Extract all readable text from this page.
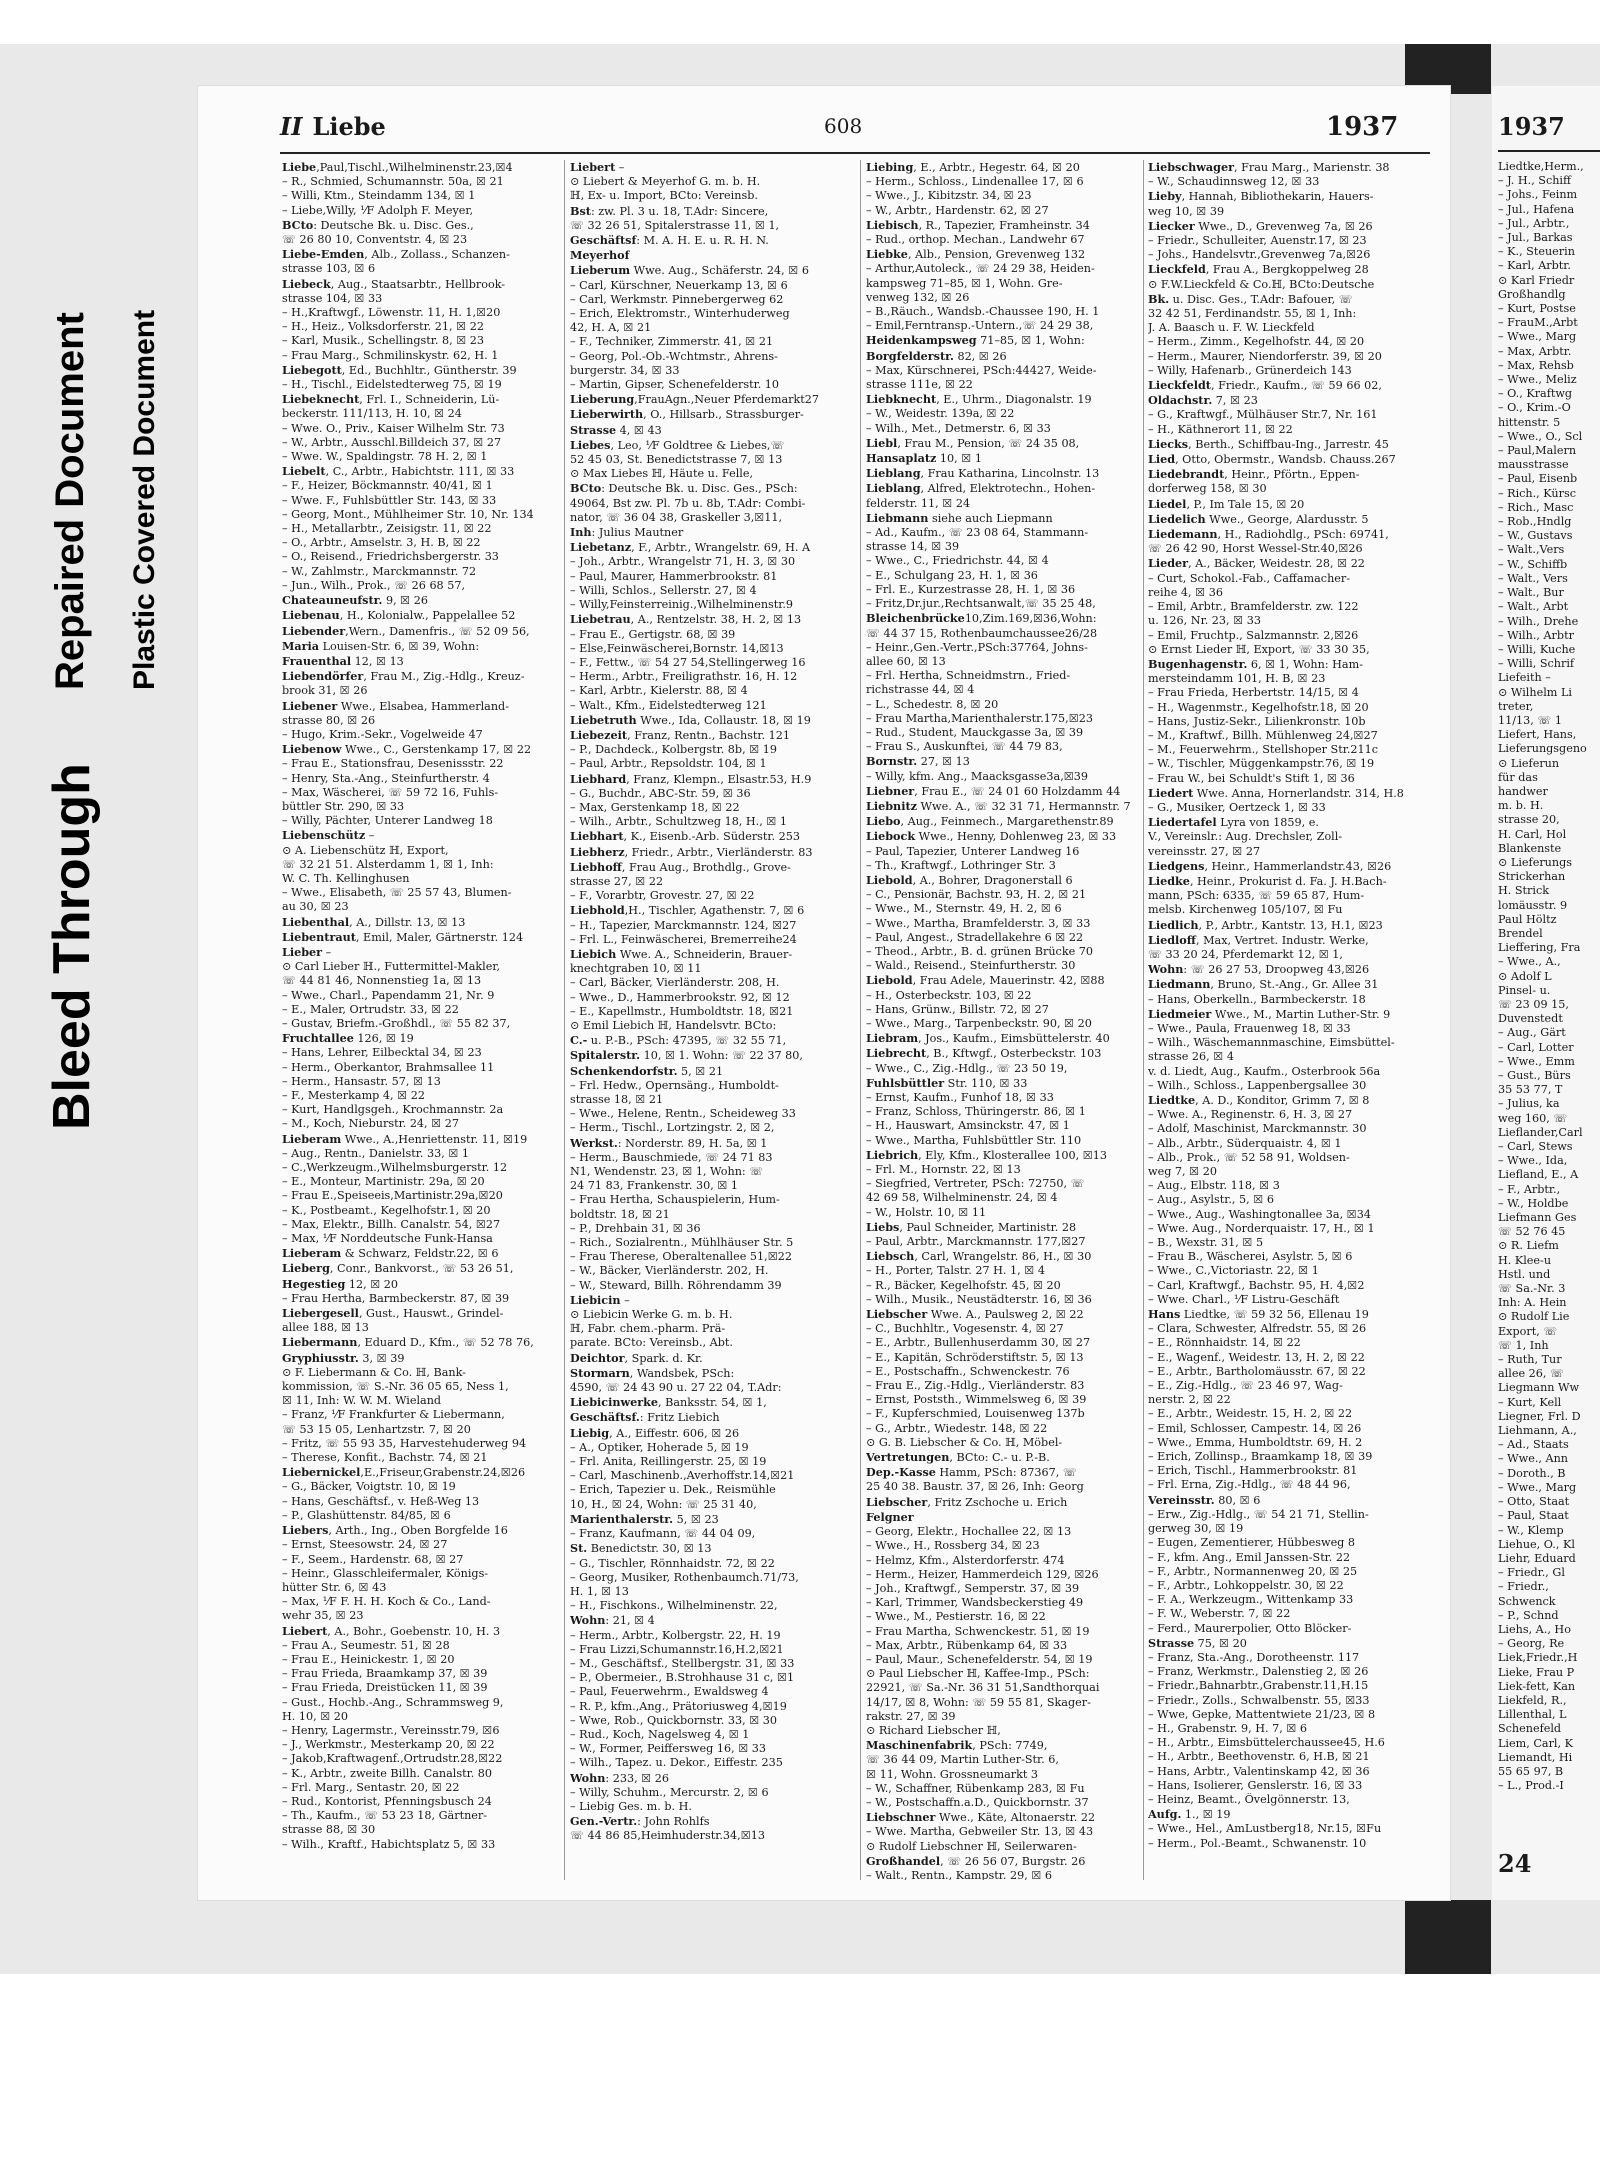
Bleed Through
Repaired Document Plastic Covered Document
II Liebe	608	1937
Liebe,Paul,Tischl.,Wilhelminenstr.23,☒4
– R., Schmied, Schumannstr. 50a, ☒ 21
– Willi, Ktm., Steindamm 134, ☒ 1
– Liebe,Willy, ⅟F Adolph F. Meyer,
BCto: Deutsche Bk. u. Disc. Ges.,
☏ 26 80 10, Conventstr. 4, ☒ 23
Liebe-Emden, Alb., Zollass., Schanzen-
strasse 103, ☒ 6
Liebeck, Aug., Staatsarbtr., Hellbrook-
strasse 104, ☒ 33
– H.,Kraftwgf., Löwenstr. 11, H. 1,☒20
– H., Heiz., Volksdorferstr. 21, ☒ 22
– Karl, Musik., Schellingstr. 8, ☒ 23
– Frau Marg., Schmilinskystr. 62, H. 1
Liebegott, Ed., Buchhltr., Güntherstr. 39
– H., Tischl., Eidelstedterweg 75, ☒ 19
Liebeknecht, Frl. I., Schneiderin, Lü-
beckerstr. 111/113, H. 10, ☒ 24
– Wwe. O., Priv., Kaiser Wilhelm Str. 73
– W., Arbtr., Ausschl.Billdeich 37, ☒ 27
– Wwe. W., Spaldingstr. 78 H. 2, ☒ 1
Liebelt, C., Arbtr., Habichtstr. 111, ☒ 33
– F., Heizer, Böckmannstr. 40/41, ☒ 1
– Wwe. F., Fuhlsbüttler Str. 143, ☒ 33
– Georg, Mont., Mühlheimer Str. 10, Nr. 134
– H., Metallarbtr., Zeisigstr. 11, ☒ 22
– O., Arbtr., Amselstr. 3, H. B, ☒ 22
– O., Reisend., Friedrichsbergerstr. 33
– W., Zahlmstr., Marckmannstr. 72
– Jun., Wilh., Prok., ☏ 26 68 57,
Chateauneufstr. 9, ☒ 26
Liebenau, H., Kolonialw., Pappelallee 52
Liebender,Wern., Damenfris., ☏ 52 09 56,
Maria Louisen-Str. 6, ☒ 39, Wohn:
Frauenthal 12, ☒ 13
Liebendörfer, Frau M., Zig.-Hdlg., Kreuz-
brook 31, ☒ 26
Liebener Wwe., Elsabea, Hammerland-
strasse 80, ☒ 26
– Hugo, Krim.-Sekr., Vogelweide 47
Liebenow Wwe., C., Gerstenkamp 17, ☒ 22
– Frau E., Stationsfrau, Desenissstr. 22
– Henry, Sta.-Ang., Steinfurtherstr. 4
– Max, Wäscherei, ☏ 59 72 16, Fuhls-
büttler Str. 290, ☒ 33
– Willy, Pächter, Unterer Landweg 18
Liebenschütz –
⊙ A. Liebenschütz ℍ, Export,
☏ 32 21 51. Alsterdamm 1, ☒ 1, Inh:
W. C. Th. Kellinghusen
– Wwe., Elisabeth, ☏ 25 57 43, Blumen-
au 30, ☒ 23
Liebenthal, A., Dillstr. 13, ☒ 13
Liebentraut, Emil, Maler, Gärtnerstr. 124
Lieber –
⊙ Carl Lieber ℍ., Futtermittel-Makler,
☏ 44 81 46, Nonnenstieg 1a, ☒ 13
– Wwe., Charl., Papendamm 21, Nr. 9
– E., Maler, Ortrudstr. 33, ☒ 22
– Gustav, Briefm.-Großhdl., ☏ 55 82 37,
Fruchtallee 126, ☒ 19
– Hans, Lehrer, Eilbecktal 34, ☒ 23
– Herm., Oberkantor, Brahmsallee 11
– Herm., Hansastr. 57, ☒ 13
– F., Mesterkamp 4, ☒ 22
– Kurt, Handlgsgeh., Krochmannstr. 2a
– M., Koch, Nieburstr. 24, ☒ 27
Lieberam Wwe., A.,Henriettenstr. 11, ☒19
– Aug., Rentn., Danielstr. 33, ☒ 1
– C.,Werkzeugm.,Wilhelmsburgerstr. 12
– E., Monteur, Martinistr. 29a, ☒ 20
– Frau E.,Speiseeis,Martinistr.29a,☒20
– K., Postbeamt., Kegelhofstr.1, ☒ 20
– Max, Elektr., Billh. Canalstr. 54, ☒27
– Max, ⅟F Norddeutsche Funk-Hansa
Lieberam & Schwarz, Feldstr.22, ☒ 6
Lieberg, Conr., Bankvorst., ☏ 53 26 51,
Hegestieg 12, ☒ 20
– Frau Hertha, Barmbeckerstr. 87, ☒ 39
Liebergesell, Gust., Hauswt., Grindel-
allee 188, ☒ 13
Liebermann, Eduard D., Kfm., ☏ 52 78 76,
Gryphiusstr. 3, ☒ 39
⊙ F. Liebermann & Co. ℍ, Bank-
kommission, ☏ S.-Nr. 36 05 65, Ness 1,
☒ 11, Inh: W. W. M. Wieland
– Franz, ⅟F Frankfurter & Liebermann,
☏ 53 15 05, Lenhartzstr. 7, ☒ 20
– Fritz, ☏ 55 93 35, Harvestehuderweg 94
– Therese, Konfit., Bachstr. 74, ☒ 21
Liebernickel,E.,Friseur,Grabenstr.24,☒26
– G., Bäcker, Voigtstr. 10, ☒ 19
– Hans, Geschäftsf., v. Heß-Weg 13
– P., Glashüttenstr. 84/85, ☒ 6
Liebers, Arth., Ing., Oben Borgfelde 16
– Ernst, Steesowstr. 24, ☒ 27
– F., Seem., Hardenstr. 68, ☒ 27
– Heinr., Glasschleifermaler, Königs-
hütter Str. 6, ☒ 43
– Max, ⅟F F. H. H. Koch & Co., Land-
wehr 35, ☒ 23
Liebert, A., Bohr., Goebenstr. 10, H. 3
– Frau A., Seumestr. 51, ☒ 28
– Frau E., Heinickestr. 1, ☒ 20
– Frau Frieda, Braamkamp 37, ☒ 39
– Frau Frieda, Dreistücken 11, ☒ 39
– Gust., Hochb.-Ang., Schrammsweg 9,
H. 10, ☒ 20
– Henry, Lagermstr., Vereinsstr.79, ☒6
– J., Werkmstr., Mesterkamp 20, ☒ 22
– Jakob,Kraftwagenf.,Ortrudstr.28,☒22
– K., Arbtr., zweite Billh. Canalstr. 80
– Frl. Marg., Sentastr. 20, ☒ 22
– Rud., Kontorist, Pfenningsbusch 24
– Th., Kaufm., ☏ 53 23 18, Gärtner-
strasse 88, ☒ 30
– Wilh., Kraftf., Habichtsplatz 5, ☒ 33
Liebert –
⊙ Liebert & Meyerhof G. m. b. H.
ℍ, Ex- u. Import, BCto: Vereinsb.
Bst: zw. Pl. 3 u. 18, T.Adr: Sincere,
☏ 32 26 51, Spitalerstrasse 11, ☒ 1,
Geschäftsf: M. A. H. E. u. R. H. N.
Meyerhof
Lieberum Wwe. Aug., Schäferstr. 24, ☒ 6
– Carl, Kürschner, Neuerkamp 13, ☒ 6
– Carl, Werkmstr. Pinnebergerweg 62
– Erich, Elektromstr., Winterhuderweg
42, H. A, ☒ 21
– F., Techniker, Zimmerstr. 41, ☒ 21
– Georg, Pol.-Ob.-Wchtmstr., Ahrens-
burgerstr. 34, ☒ 33
– Martin, Gipser, Schenefelderstr. 10
Lieberung,FrauAgn.,Neuer Pferdemarkt27
Lieberwirth, O., Hillsarb., Strassburger-
Strasse 4, ☒ 43
Liebes, Leo, ⅟F Goldtree & Liebes,☏
52 45 03, St. Benedictstrasse 7, ☒ 13
⊙ Max Liebes ℍ, Häute u. Felle,
BCto: Deutsche Bk. u. Disc. Ges., PSch:
49064, Bst zw. Pl. 7b u. 8b, T.Adr: Combi-
nator, ☏ 36 04 38, Graskeller 3,☒11,
Inh: Julius Mautner
Liebetanz, F., Arbtr., Wrangelstr. 69, H. A
– Joh., Arbtr., Wrangelstr 71, H. 3, ☒ 30
– Paul, Maurer, Hammerbrookstr. 81
– Willi, Schlos., Sellerstr. 27, ☒ 4
– Willy,Feinsterreinig.,Wilhelminenstr.9
Liebetrau, A., Rentzelstr. 38, H. 2, ☒ 13
– Frau E., Gertigstr. 68, ☒ 39
– Else,Feinwäscherei,Bornstr. 14,☒13
– F., Fettw., ☏ 54 27 54,Stellingerweg 16
– Herm., Arbtr., Freiligrathstr. 16, H. 12
– Karl, Arbtr., Kielerstr. 88, ☒ 4
– Walt., Kfm., Eidelstedterweg 121
Liebetruth Wwe., Ida, Collaustr. 18, ☒ 19
Liebezeit, Franz, Rentn., Bachstr. 121
– P., Dachdeck., Kolbergstr. 8b, ☒ 19
– Paul, Arbtr., Repsoldstr. 104, ☒ 1
Liebhard, Franz, Klempn., Elsastr.53, H.9
– G., Buchdr., ABC-Str. 59, ☒ 36
– Max, Gerstenkamp 18, ☒ 22
– Wilh., Arbtr., Schultzweg 18, H., ☒ 1
Liebhart, K., Eisenb.-Arb. Süderstr. 253
Liebherz, Friedr., Arbtr., Vierländerstr. 83
Liebhoff, Frau Aug., Brothdlg., Grove-
strasse 27, ☒ 22
– F., Vorarbtr, Grovestr. 27, ☒ 22
Liebhold,H., Tischler, Agathenstr. 7, ☒ 6
– H., Tapezier, Marckmannstr. 124, ☒27
– Frl. L., Feinwäscherei, Bremerreihe24
Liebich Wwe. A., Schneiderin, Brauer-
knechtgraben 10, ☒ 11
– Carl, Bäcker, Vierländerstr. 208, H.
– Wwe., D., Hammerbrookstr. 92, ☒ 12
– E., Kapellmstr., Humboldtstr. 18, ☒21
⊙ Emil Liebich ℍ, Handelsvtr. BCto:
C.- u. P.-B., PSch: 47395, ☏ 32 55 71,
Spitalerstr. 10, ☒ 1. Wohn: ☏ 22 37 80,
Schenkendorfstr. 5, ☒ 21
– Frl. Hedw., Opernsäng., Humboldt-
strasse 18, ☒ 21
– Wwe., Helene, Rentn., Scheideweg 33
– Herm., Tischl., Lortzingstr. 2, ☒ 2,
Werkst.: Norderstr. 89, H. 5a, ☒ 1
– Herm., Bauschmiede, ☏ 24 71 83
N1, Wendenstr. 23, ☒ 1, Wohn: ☏
24 71 83, Frankenstr. 30, ☒ 1
– Frau Hertha, Schauspielerin, Hum-
boldtstr. 18, ☒ 21
– P., Drehbain 31, ☒ 36
– Rich., Sozialrentn., Mühlhäuser Str. 5
– Frau Therese, Oberaltenallee 51,☒22
– W., Bäcker, Vierländerstr. 202, H.
– W., Steward, Billh. Röhrendamm 39
Liebicin –
⊙ Liebicin Werke G. m. b. H.
ℍ, Fabr. chem.-pharm. Prä-
parate. BCto: Vereinsb., Abt.
Deichtor, Spark. d. Kr.
Stormarn, Wandsbek, PSch:
4590, ☏ 24 43 90 u. 27 22 04, T.Adr:
Liebicinwerke, Banksstr. 54, ☒ 1,
Geschäftsf.: Fritz Liebich
Liebig, A., Eiffestr. 606, ☒ 26
– A., Optiker, Hoherade 5, ☒ 19
– Frl. Anita, Reillingerstr. 25, ☒ 19
– Carl, Maschinenb.,Averhoffstr.14,☒21
– Erich, Tapezier u. Dek., Reismühle
10, H., ☒ 24, Wohn: ☏ 25 31 40,
Marienthalerstr. 5, ☒ 23
– Franz, Kaufmann, ☏ 44 04 09,
St. Benedictstr. 30, ☒ 13
– G., Tischler, Rönnhaidstr. 72, ☒ 22
– Georg, Musiker, Rothenbaumch.71/73,
H. 1, ☒ 13
– H., Fischkons., Wilhelminenstr. 22,
Wohn: 21, ☒ 4
– Herm., Arbtr., Kolbergstr. 22, H. 19
– Frau Lizzi,Schumannstr.16,H.2,☒21
– M., Geschäftsf., Stellbergstr. 31, ☒ 33
– P., Obermeier., B.Strohhause 31 c, ☒1
– Paul, Feuerwehrm., Ewaldsweg 4
– R. P., kfm.,Ang., Prätoriusweg 4,☒19
– Wwe, Rob., Quickbornstr. 33, ☒ 30
– Rud., Koch, Nagelsweg 4, ☒ 1
– W., Former, Peiffersweg 16, ☒ 33
– Wilh., Tapez. u. Dekor., Eiffestr. 235
Wohn: 233, ☒ 26
– Willy, Schuhm., Mercurstr. 2, ☒ 6
– Liebig Ges. m. b. H.
Gen.-Vertr.: John Rohlfs
☏ 44 86 85,Heimhuderstr.34,☒13
Liebing, E., Arbtr., Hegestr. 64, ☒ 20
– Herm., Schloss., Lindenallee 17, ☒ 6
– Wwe., J., Kibitzstr. 34, ☒ 23
– W., Arbtr., Hardenstr. 62, ☒ 27
Liebisch, R., Tapezier, Framheinstr. 34
– Rud., orthop. Mechan., Landwehr 67
Liebke, Alb., Pension, Grevenweg 132
– Arthur,Autoleck., ☏ 24 29 38, Heiden-
kampsweg 71–85, ☒ 1, Wohn. Gre-
venweg 132, ☒ 26
– B.,Räuch., Wandsb.-Chaussee 190, H. 1
– Emil,Ferntransp.-Untern.,☏ 24 29 38,
Heidenkampsweg 71–85, ☒ 1, Wohn:
Borgfelderstr. 82, ☒ 26
– Max, Kürschnerei, PSch:44427, Weide-
strasse 111e, ☒ 22
Liebknecht, E., Uhrm., Diagonalstr. 19
– W., Weidestr. 139a, ☒ 22
– Wilh., Met., Detmerstr. 6, ☒ 33
Liebl, Frau M., Pension, ☏ 24 35 08,
Hansaplatz 10, ☒ 1
Lieblang, Frau Katharina, Lincolnstr. 13
Lieblang, Alfred, Elektrotechn., Hohen-
felderstr. 11, ☒ 24
Liebmann siehe auch Liepmann
– Ad., Kaufm., ☏ 23 08 64, Stammann-
strasse 14, ☒ 39
– Wwe., C., Friedrichstr. 44, ☒ 4
– E., Schulgang 23, H. 1, ☒ 36
– Frl. E., Kurzestrasse 28, H. 1, ☒ 36
– Fritz,Dr.jur.,Rechtsanwalt,☏ 35 25 48,
Bleichenbrücke10,Zim.169,☒36,Wohn:
☏ 44 37 15, Rothenbaumchaussee26/28
– Heinr.,Gen.-Vertr.,PSch:37764, Johns-
allee 60, ☒ 13
– Frl. Hertha, Schneidmstrn., Fried-
richstrasse 44, ☒ 4
– L., Schedestr. 8, ☒ 20
– Frau Martha,Marienthalerstr.175,☒23
– Rud., Student, Mauckgasse 3a, ☒ 39
– Frau S., Auskunftei, ☏ 44 79 83,
Bornstr. 27, ☒ 13
– Willy, kfm. Ang., Maacksgasse3a,☒39
Liebner, Frau E., ☏ 24 01 60 Holzdamm 44
Liebnitz Wwe. A., ☏ 32 31 71, Hermannstr. 7
Liebo, Aug., Feinmech., Margarethenstr.89
Liebock Wwe., Henny, Dohlenweg 23, ☒ 33
– Paul, Tapezier, Unterer Landweg 16
– Th., Kraftwgf., Lothringer Str. 3
Liebold, A., Bohrer, Dragonerstall 6
– C., Pensionär, Bachstr. 93, H. 2, ☒ 21
– Wwe., M., Sternstr. 49, H. 2, ☒ 6
– Wwe., Martha, Bramfelderstr. 3, ☒ 33
– Paul, Angest., Stradellakehre 6 ☒ 22
– Theod., Arbtr., B. d. grünen Brücke 70
– Wald., Reisend., Steinfurtherstr. 30
Liebold, Frau Adele, Mauerinstr. 42, ☒88
– H., Osterbeckstr. 103, ☒ 22
– Hans, Grünw., Billstr. 72, ☒ 27
– Wwe., Marg., Tarpenbeckstr. 90, ☒ 20
Liebram, Jos., Kaufm., Eimsbüttelerstr. 40
Liebrecht, B., Kftwgf., Osterbeckstr. 103
– Wwe., C., Zig.-Hdlg., ☏ 23 50 19,
Fuhlsbüttler Str. 110, ☒ 33
– Ernst, Kaufm., Funhof 18, ☒ 33
– Franz, Schloss, Thüringerstr. 86, ☒ 1
– H., Hauswart, Amsinckstr. 47, ☒ 1
– Wwe., Martha, Fuhlsbüttler Str. 110
Liebrich, Ely, Kfm., Klosterallee 100, ☒13
– Frl. M., Hornstr. 22, ☒ 13
– Siegfried, Vertreter, PSch: 72750, ☏
42 69 58, Wilhelminenstr. 24, ☒ 4
– W., Holstr. 10, ☒ 11
Liebs, Paul Schneider, Martinistr. 28
– Paul, Arbtr., Marckmannstr. 177,☒27
Liebsch, Carl, Wrangelstr. 86, H., ☒ 30
– H., Porter, Talstr. 27 H. 1, ☒ 4
– R., Bäcker, Kegelhofstr. 45, ☒ 20
– Wilh., Musik., Neustädterstr. 16, ☒ 36
Liebscher Wwe. A., Paulsweg 2, ☒ 22
– C., Buchhltr., Vogesenstr. 4, ☒ 27
– E., Arbtr., Bullenhuserdamm 30, ☒ 27
– E., Kapitän, Schröderstiftstr. 5, ☒ 13
– E., Postschaffn., Schwenckestr. 76
– Frau E., Zig.-Hdlg., Vierländerstr. 83
– Ernst, Poststh., Wimmelsweg 6, ☒ 39
– F., Kupferschmied, Louisenweg 137b
– G., Arbtr., Wiedestr. 148, ☒ 22
⊙ G. B. Liebscher & Co. ℍ, Möbel-
Vertretungen, BCto: C.- u. P.-B.
Dep.-Kasse Hamm, PSch: 87367, ☏
25 40 38. Baustr. 37, ☒ 26, Inh: Georg
Liebscher, Fritz Zschoche u. Erich
Felgner
– Georg, Elektr., Hochallee 22, ☒ 13
– Wwe., H., Rossberg 34, ☒ 23
– Helmz, Kfm., Alsterdorferstr. 474
– Herm., Heizer, Hammerdeich 129, ☒26
– Joh., Kraftwgf., Semperstr. 37, ☒ 39
– Karl, Trimmer, Wandsbeckerstieg 49
– Wwe., M., Pestierstr. 16, ☒ 22
– Frau Martha, Schwenckestr. 51, ☒ 19
– Max, Arbtr., Rübenkamp 64, ☒ 33
– Paul, Maur., Schenefelderstr. 54, ☒ 19
⊙ Paul Liebscher ℍ, Kaffee-Imp., PSch:
22921, ☏ Sa.-Nr. 36 31 51,Sandthorquai
14/17, ☒ 8, Wohn: ☏ 59 55 81, Skager-
rakstr. 27, ☒ 39
⊙ Richard Liebscher ℍ,
Maschinenfabrik, PSch: 7749,
☏ 36 44 09, Martin Luther-Str. 6,
☒ 11, Wohn. Grossneumarkt 3
– W., Schaffner, Rübenkamp 283, ☒ Fu
– W., Postschaffn.a.D., Quickbornstr. 37
Liebschner Wwe., Käte, Altonaerstr. 22
– Wwe. Martha, Gebweiler Str. 13, ☒ 43
⊙ Rudolf Liebschner ℍ, Seilerwaren-
Großhandel, ☏ 26 56 07, Burgstr. 26
– Walt., Rentn., Kampstr. 29, ☒ 6
Liebschwager, Frau Marg., Marienstr. 38
– W., Schaudinnsweg 12, ☒ 33
Lieby, Hannah, Bibliothekarin, Hauers-
weg 10, ☒ 39
Liecker Wwe., D., Grevenweg 7a, ☒ 26
– Friedr., Schulleiter, Auenstr.17, ☒ 23
– Johs., Handelsvtr.,Grevenweg 7a,☒26
Lieckfeld, Frau A., Bergkoppelweg 28
⊙ F.W.Lieckfeld & Co.ℍ, BCto:Deutsche
Bk. u. Disc. Ges., T.Adr: Bafouer, ☏
32 42 51, Ferdinandstr. 55, ☒ 1, Inh:
J. A. Baasch u. F. W. Lieckfeld
– Herm., Zimm., Kegelhofstr. 44, ☒ 20
– Herm., Maurer, Niendorferstr. 39, ☒ 20
– Willy, Hafenarb., Grünerdeich 143
Lieckfeldt, Friedr., Kaufm., ☏ 59 66 02,
Oldachstr. 7, ☒ 23
– G., Kraftwgf., Mülhäuser Str.7, Nr. 161
– H., Käthnerort 11, ☒ 22
Liecks, Berth., Schiffbau-Ing., Jarrestr. 45
Lied, Otto, Obermstr., Wandsb. Chauss.267
Liedebrandt, Heinr., Pförtn., Eppen-
dorferweg 158, ☒ 30
Liedel, P., Im Tale 15, ☒ 20
Liedelich Wwe., George, Alardusstr. 5
Liedemann, H., Radiohdlg., PSch: 69741,
☏ 26 42 90, Horst Wessel-Str.40,☒26
Lieder, A., Bäcker, Weidestr. 28, ☒ 22
– Curt, Schokol.-Fab., Caffamacher-
reihe 4, ☒ 36
– Emil, Arbtr., Bramfelderstr. zw. 122
u. 126, Nr. 23, ☒ 33
– Emil, Fruchtp., Salzmannstr. 2,☒26
⊙ Ernst Lieder ℍ, Export, ☏ 33 30 35,
Bugenhagenstr. 6, ☒ 1, Wohn: Ham-
mersteindamm 101, H. B, ☒ 23
– Frau Frieda, Herbertstr. 14/15, ☒ 4
– H., Wagenmstr., Kegelhofstr.18, ☒ 20
– Hans, Justiz-Sekr., Lilienkronstr. 10b
– M., Kraftwf., Billh. Mühlenweg 24,☒27
– M., Feuerwehrm., Stellshoper Str.211c
– W., Tischler, Müggenkampstr.76, ☒ 19
– Frau W., bei Schuldt's Stift 1, ☒ 36
Liedert Wwe. Anna, Hornerlandstr. 314, H.8
– G., Musiker, Oertzeck 1, ☒ 33
Liedertafel Lyra von 1859, e.
V., Vereinslr.: Aug. Drechsler, Zoll-
vereinsstr. 27, ☒ 27
Liedgens, Heinr., Hammerlandstr.43, ☒26
Liedke, Heinr., Prokurist d. Fa. J. H.Bach-
mann, PSch: 6335, ☏ 59 65 87, Hum-
melsb. Kirchenweg 105/107, ☒ Fu
Liedlich, P., Arbtr., Kantstr. 13, H.1, ☒23
Liedloff, Max, Vertret. Industr. Werke,
☏ 33 20 24, Pferdemarkt 12, ☒ 1,
Wohn: ☏ 26 27 53, Droopweg 43,☒26
Liedmann, Bruno, St.-Ang., Gr. Allee 31
– Hans, Oberkelln., Barmbeckerstr. 18
Liedmeier Wwe., M., Martin Luther-Str. 9
– Wwe., Paula, Frauenweg 18, ☒ 33
– Wilh., Wäschemannmaschine, Eimsbüttel-
strasse 26, ☒ 4
v. d. Liedt, Aug., Kaufm., Osterbrook 56a
– Wilh., Schloss., Lappenbergsallee 30
Liedtke, A. D., Konditor, Grimm 7, ☒ 8
– Wwe. A., Reginenstr. 6, H. 3, ☒ 27
– Adolf, Maschinist, Marckmannstr. 30
– Alb., Arbtr., Süderquaistr. 4, ☒ 1
– Alb., Prok., ☏ 52 58 91, Woldsen-
weg 7, ☒ 20
– Aug., Elbstr. 118, ☒ 3
– Aug., Asylstr., 5, ☒ 6
– Wwe., Aug., Washingtonallee 3a, ☒34
– Wwe. Aug., Norderquaistr. 17, H., ☒ 1
– B., Wexstr. 31, ☒ 5
– Frau B., Wäscherei, Asylstr. 5, ☒ 6
– Wwe., C.,Victoriastr. 22, ☒ 1
– Carl, Kraftwgf., Bachstr. 95, H. 4,☒2
– Wwe. Charl., ⅟F Listru-Geschäft
Hans Liedtke, ☏ 59 32 56, Ellenau 19
– Clara, Schwester, Alfredstr. 55, ☒ 26
– E., Rönnhaidstr. 14, ☒ 22
– E., Wagenf., Weidestr. 13, H. 2, ☒ 22
– E., Arbtr., Bartholomäusstr. 67, ☒ 22
– E., Zig.-Hdlg., ☏ 23 46 97, Wag-
nerstr. 2, ☒ 22
– E., Arbtr., Weidestr. 15, H. 2, ☒ 22
– Emil, Schlosser, Campestr. 14, ☒ 26
– Wwe., Emma, Humboldtstr. 69, H. 2
– Erich, Zollinsp., Braamkamp 18, ☒ 39
– Erich, Tischl., Hammerbrookstr. 81
– Frl. Erna, Zig.-Hdlg., ☏ 48 44 96,
Vereinsstr. 80, ☒ 6
– Erw., Zig.-Hdlg., ☏ 54 21 71, Stellin-
gerweg 30, ☒ 19
– Eugen, Zementierer, Hübbesweg 8
– F., kfm. Ang., Emil Janssen-Str. 22
– F., Arbtr., Normannenweg 20, ☒ 25
– F., Arbtr., Lohkoppelstr. 30, ☒ 22
– F. A., Werkzeugm., Wittenkamp 33
– F. W., Weberstr. 7, ☒ 22
– Ferd., Maurerpolier, Otto Blöcker-
Strasse 75, ☒ 20
– Franz, Sta.-Ang., Dorotheenstr. 117
– Franz, Werkmstr., Dalenstieg 2, ☒ 26
– Friedr.,Bahnarbtr.,Grabenstr.11,H.15
– Friedr., Zolls., Schwalbenstr. 55, ☒33
– Wwe, Gepke, Mattentwiete 21/23, ☒ 8
– H., Grabenstr. 9, H. 7, ☒ 6
– H., Arbtr., Eimsbüttelerchaussee45, H.6
– H., Arbtr., Beethovenstr. 6, H.B, ☒ 21
– Hans, Arbtr., Valentinskamp 42, ☒ 36
– Hans, Isolierer, Genslerstr. 16, ☒ 33
– Heinz, Beamt., Övelgönnerstr. 13,
Aufg. 1., ☒ 19
– Wwe., Hel., AmLustberg18, Nr.15, ☒Fu
– Herm., Pol.-Beamt., Schwanenstr. 10
1937
Liedtke,Herm.,
– J. H., Schiff
– Johs., Feinm
– Jul., Hafena
– Jul., Arbtr.,
– Jul., Barkas
– K., Steuerin
– Karl, Arbtr.
⊙ Karl Friedr
Großhandlg
– Kurt, Postse
– FrauM.,Arbt
– Wwe., Marg
– Max, Arbtr.
– Max, Rehsb
– Wwe., Meliz
– O., Kraftwg
– O., Krim.-O
hittenstr. 5
– Wwe., O., Scl
– Paul,Malern
mausstrasse
– Paul, Eisenb
– Rich., Kürsc
– Rich., Masc
– Rob.,Hndlg
– W., Gustavs
– Walt.,Vers
– W., Schiffb
– Walt., Vers
– Walt., Bur
– Walt., Arbt
– Wilh., Drehe
– Wilh., Arbtr
– Willi, Kuche
– Willi, Schrif
Liefeith –
⊙ Wilhelm Li
treter,
11/13, ☏ 1
Liefert, Hans,
Lieferungsgeno
⊙ Lieferun
für das
handwer
m. b. H.
strasse 20,
H. Carl, Hol
Blankenste
⊙ Lieferungs
Strickerhan
H. Strick
lomäusstr. 9
Paul Höltz
Brendel
Lieffering, Fra
– Wwe., A.,
⊙ Adolf L
Pinsel- u.
☏ 23 09 15,
Duvenstedt
– Aug., Gärt
– Carl, Lotter
– Wwe., Emm
– Gust., Bürs
35 53 77, T
– Julius, ka
weg 160, ☏
Lieflander,Carl
– Carl, Stews
– Wwe., Ida,
Liefland, E., A
– F., Arbtr.,
– W., Holdbe
Liefmann Ges
☏ 52 76 45
⊙ R. Liefm
H. Klee-u
Hstl. und
☏ Sa.-Nr. 3
Inh: A. Hein
⊙ Rudolf Lie
Export, ☏
☏ 1, Inh
– Ruth, Tur
allee 26, ☏
Liegmann Ww
– Kurt, Kell
Liegner, Frl. D
Liehmann, A.,
– Ad., Staats
– Wwe., Ann
– Doroth., B
– Wwe., Marg
– Otto, Staat
– Paul, Staat
– W., Klemp
Liehue, O., Kl
Liehr, Eduard
– Friedr., Gl
– Friedr.,
Schwenck
– P., Schnd
Liehs, A., Ho
– Georg, Re
Liek,Friedr.,H
Lieke, Frau P
Liek-fett, Kan
Liekfeld, R.,
Lillenthal, L
Schenefeld
Liem, Carl, K
Liemandt, Hi
55 65 97, B
– L., Prod.-I
24
